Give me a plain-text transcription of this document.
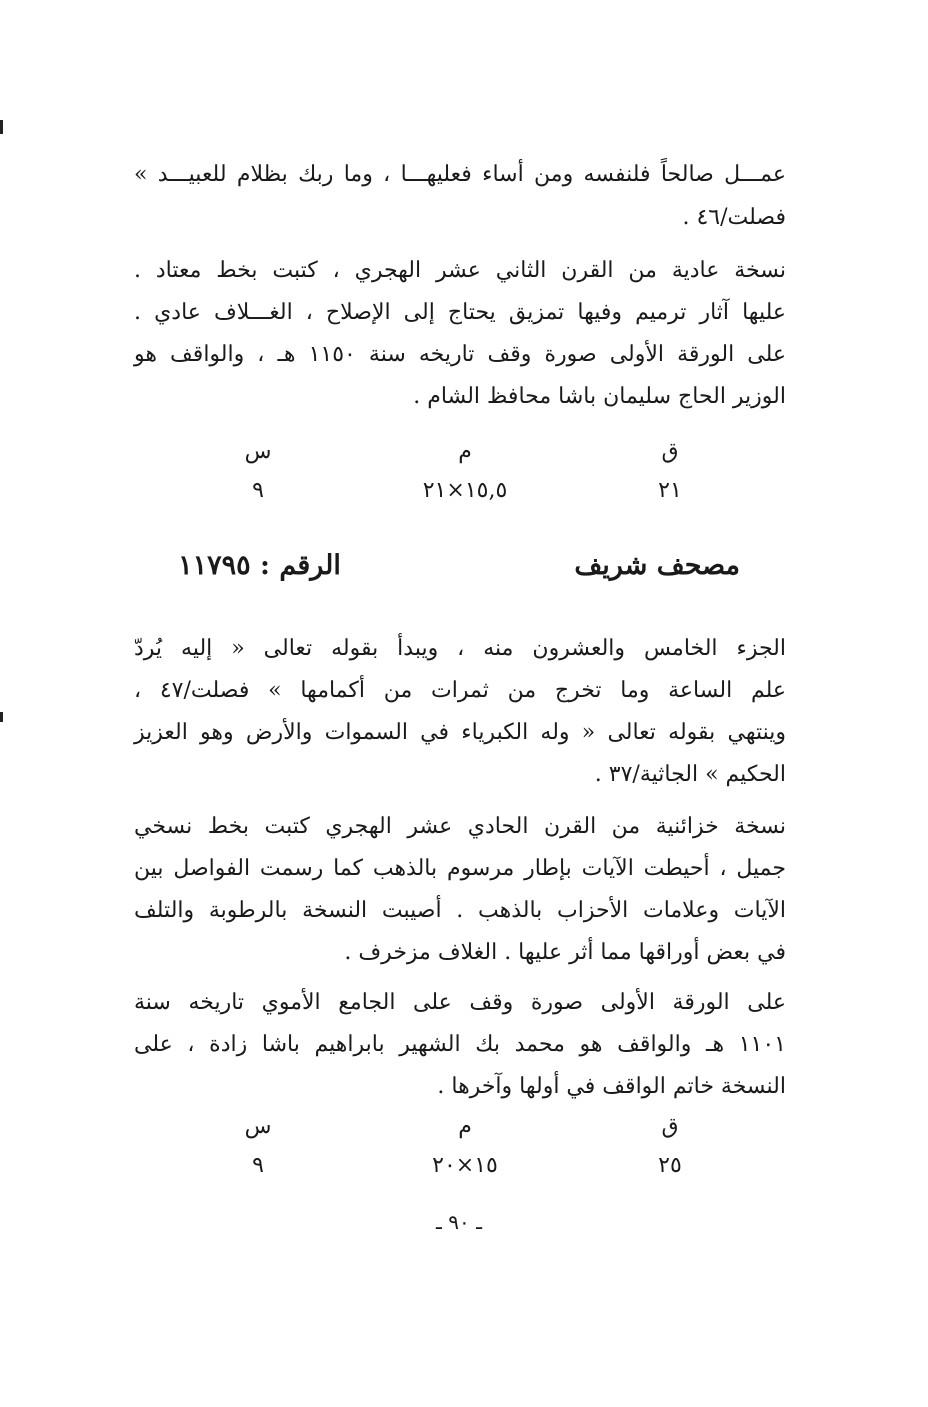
عمـــل صالحاً فلنفسه ومن أساء فعليهـــا ، وما ربك بظلام للعبيـــد »
فصلت/٤٦ .
نسخة عادية من القرن الثاني عشر الهجري ، كتبت بخط معتاد .
عليها آثار ترميم وفيها تمزيق يحتاج إلى الإصلاح ، الغـــلاف عادي .
على الورقة الأولى صورة وقف تاريخه سنة ١١٥٠ هـ ، والواقف هو
الوزير الحاج سليمان باشا محافظ الشام .
ق
م
س
٢١
١٥,٥×٢١
٩
مصحف شريف
الرقم : ١١٧٩٥
الجزء الخامس والعشرون منه ، ويبدأ بقوله تعالى « إليه يُردّ
علم الساعة وما تخرج من ثمرات من أكمامها » فصلت/٤٧ ،
وينتهي بقوله تعالى « وله الكبرياء في السموات والأرض وهو العزيز
الحكيم » الجاثية/٣٧ .
نسخة خزائنية من القرن الحادي عشر الهجري كتبت بخط نسخي
جميل ، أحيطت الآيات بإطار مرسوم بالذهب كما رسمت الفواصل بين
الآيات وعلامات الأحزاب بالذهب . أصيبت النسخة بالرطوبة والتلف
في بعض أوراقها مما أثر عليها . الغلاف مزخرف .
على الورقة الأولى صورة وقف على الجامع الأموي تاريخه سنة
١١٠١ هـ والواقف هو محمد بك الشهير بابراهيم باشا زادة ، على
النسخة خاتم الواقف في أولها وآخرها .
ق
م
س
٢٥
١٥×٢٠
٩
ـ ٩٠ ـ
